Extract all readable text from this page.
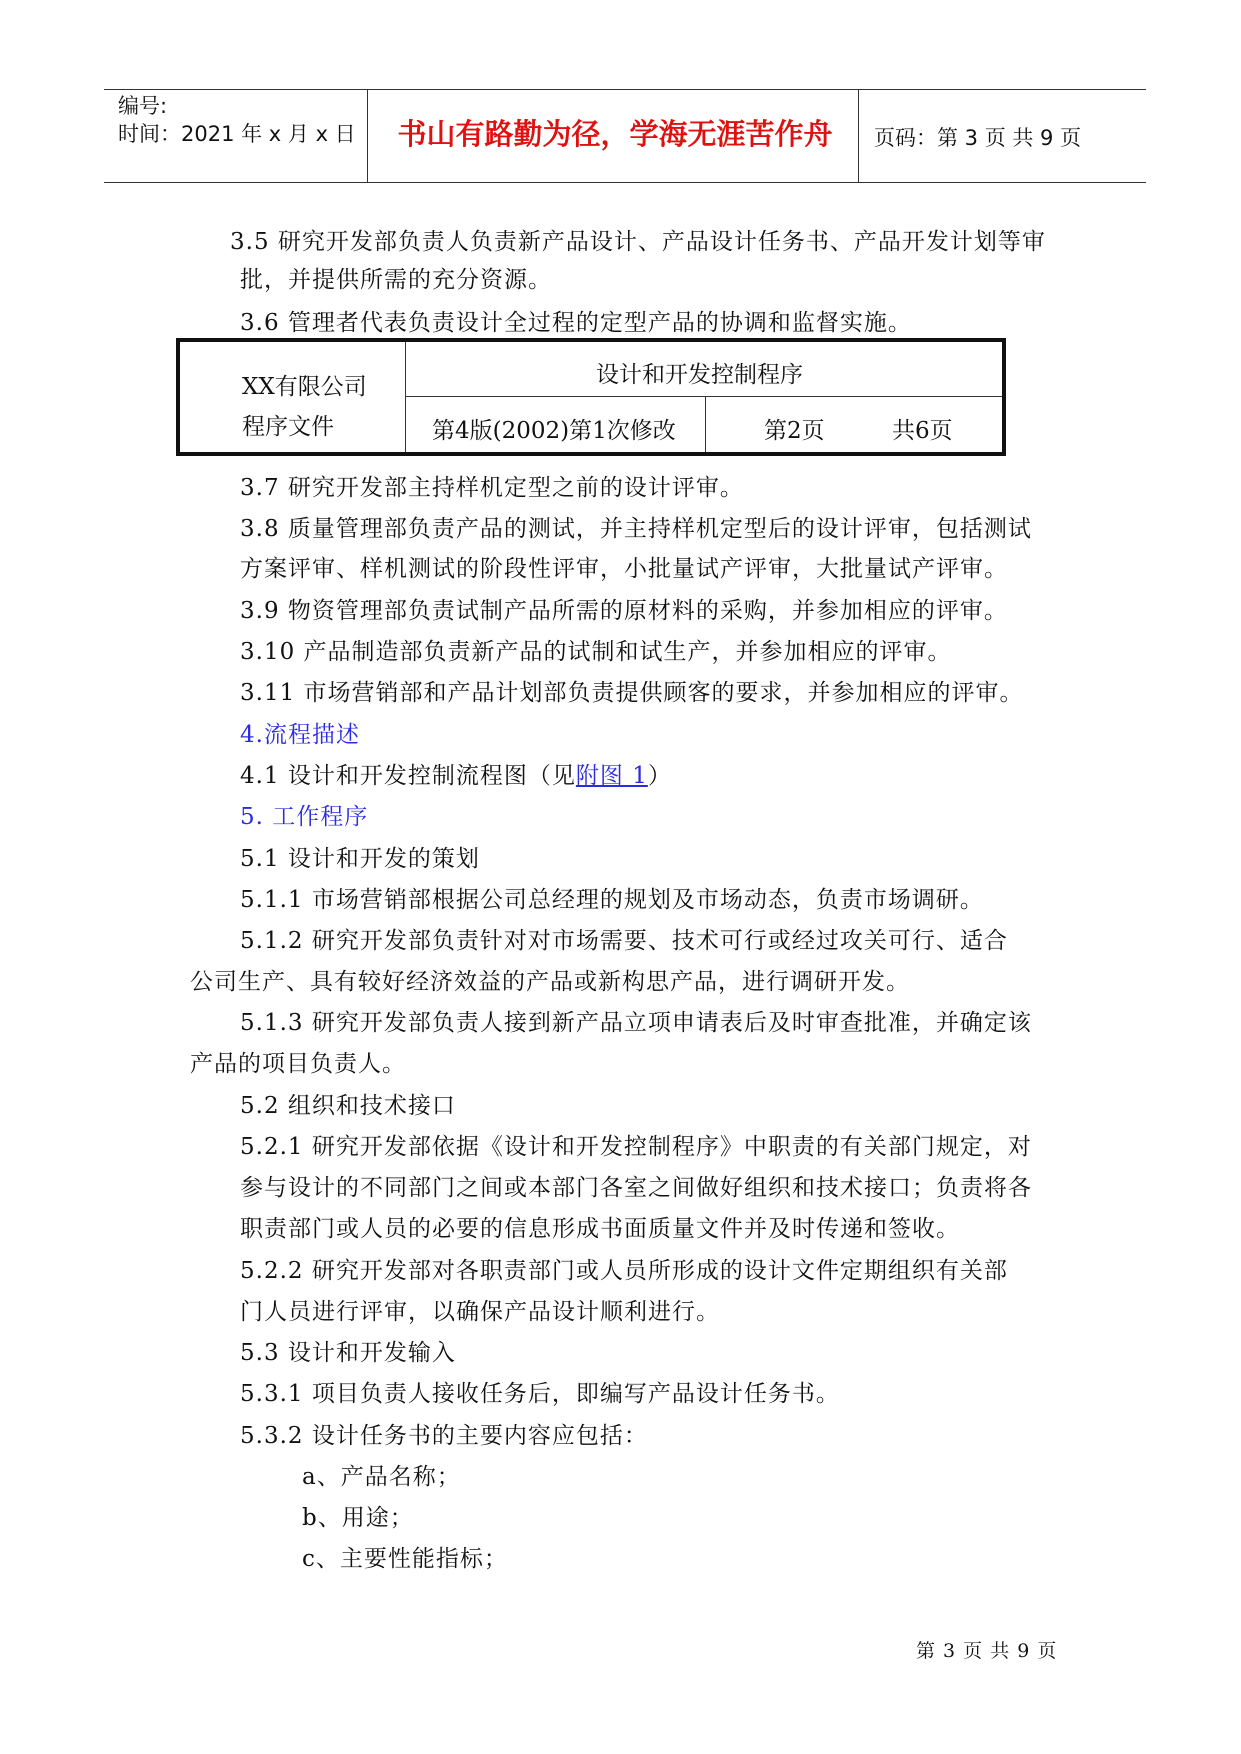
编号:
时间：2021 年 x 月 x 日	书山有路勤为径，学海无涯苦作舟	页码：第 3 页 共 9 页
3.5 研究开发部负责人负责新产品设计、产品设计任务书、产品开发计划等审
批，并提供所需的充分资源。
3.6 管理者代表负责设计全过程的定型产品的协调和监督实施。
XX有限公司
程序文件
设计和开发控制程序
第4版(2002)第1次修改	第2页	共6页
3.7 研究开发部主持样机定型之前的设计评审。
3.8 质量管理部负责产品的测试，并主持样机定型后的设计评审，包括测试
方案评审、样机测试的阶段性评审，小批量试产评审，大批量试产评审。
3.9 物资管理部负责试制产品所需的原材料的采购，并参加相应的评审。
3.10 产品制造部负责新产品的试制和试生产，并参加相应的评审。
3.11 市场营销部和产品计划部负责提供顾客的要求，并参加相应的评审。
4.流程描述
4.1 设计和开发控制流程图（见附图 1）
5. 工作程序
5.1 设计和开发的策划
5.1.1 市场营销部根据公司总经理的规划及市场动态，负责市场调研。
5.1.2 研究开发部负责针对对市场需要、技术可行或经过攻关可行、适合
公司生产、具有较好经济效益的产品或新构思产品，进行调研开发。
5.1.3 研究开发部负责人接到新产品立项申请表后及时审查批准，并确定该
产品的项目负责人。
5.2 组织和技术接口
5.2.1 研究开发部依据《设计和开发控制程序》中职责的有关部门规定，对
参与设计的不同部门之间或本部门各室之间做好组织和技术接口；负责将各
职责部门或人员的必要的信息形成书面质量文件并及时传递和签收。
5.2.2 研究开发部对各职责部门或人员所形成的设计文件定期组织有关部
门人员进行评审，以确保产品设计顺利进行。
5.3 设计和开发输入
5.3.1 项目负责人接收任务后，即编写产品设计任务书。
5.3.2 设计任务书的主要内容应包括：
a、产品名称；
b、用途；
c、主要性能指标；
第 3 页 共 9 页
